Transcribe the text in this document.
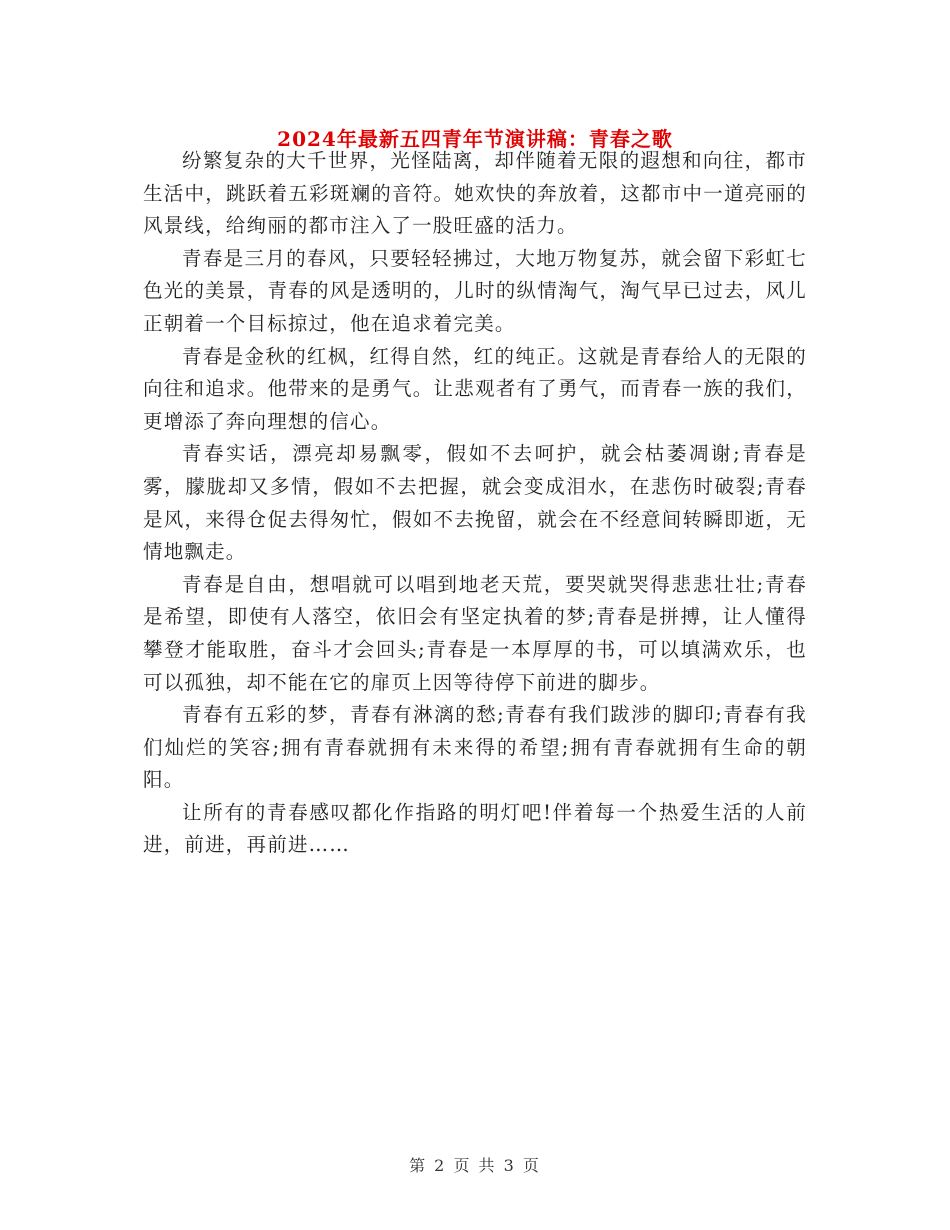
2024年最新五四青年节演讲稿：青春之歌

纷繁复杂的大千世界，光怪陆离，却伴随着无限的遐想和向往，都市生活中，跳跃着五彩斑斓的音符。她欢快的奔放着，这都市中一道亮丽的风景线，给绚丽的都市注入了一股旺盛的活力。

青春是三月的春风，只要轻轻拂过，大地万物复苏，就会留下彩虹七色光的美景，青春的风是透明的，儿时的纵情淘气，淘气早已过去，风儿正朝着一个目标掠过，他在追求着完美。

青春是金秋的红枫，红得自然，红的纯正。这就是青春给人的无限的向往和追求。他带来的是勇气。让悲观者有了勇气，而青春一族的我们，更增添了奔向理想的信心。

青春实话，漂亮却易飘零，假如不去呵护，就会枯萎凋谢;青春是雾，朦胧却又多情，假如不去把握，就会变成泪水，在悲伤时破裂;青春是风，来得仓促去得匆忙，假如不去挽留，就会在不经意间转瞬即逝，无情地飘走。

青春是自由，想唱就可以唱到地老天荒，要哭就哭得悲悲壮壮;青春是希望，即使有人落空，依旧会有坚定执着的梦;青春是拼搏，让人懂得攀登才能取胜，奋斗才会回头;青春是一本厚厚的书，可以填满欢乐，也可以孤独，却不能在它的扉页上因等待停下前进的脚步。

青春有五彩的梦，青春有淋漓的愁;青春有我们跋涉的脚印;青春有我们灿烂的笑容;拥有青春就拥有未来得的希望;拥有青春就拥有生命的朝阳。

让所有的青春感叹都化作指路的明灯吧!伴着每一个热爱生活的人前进，前进，再前进……

第 2 页 共 3 页
